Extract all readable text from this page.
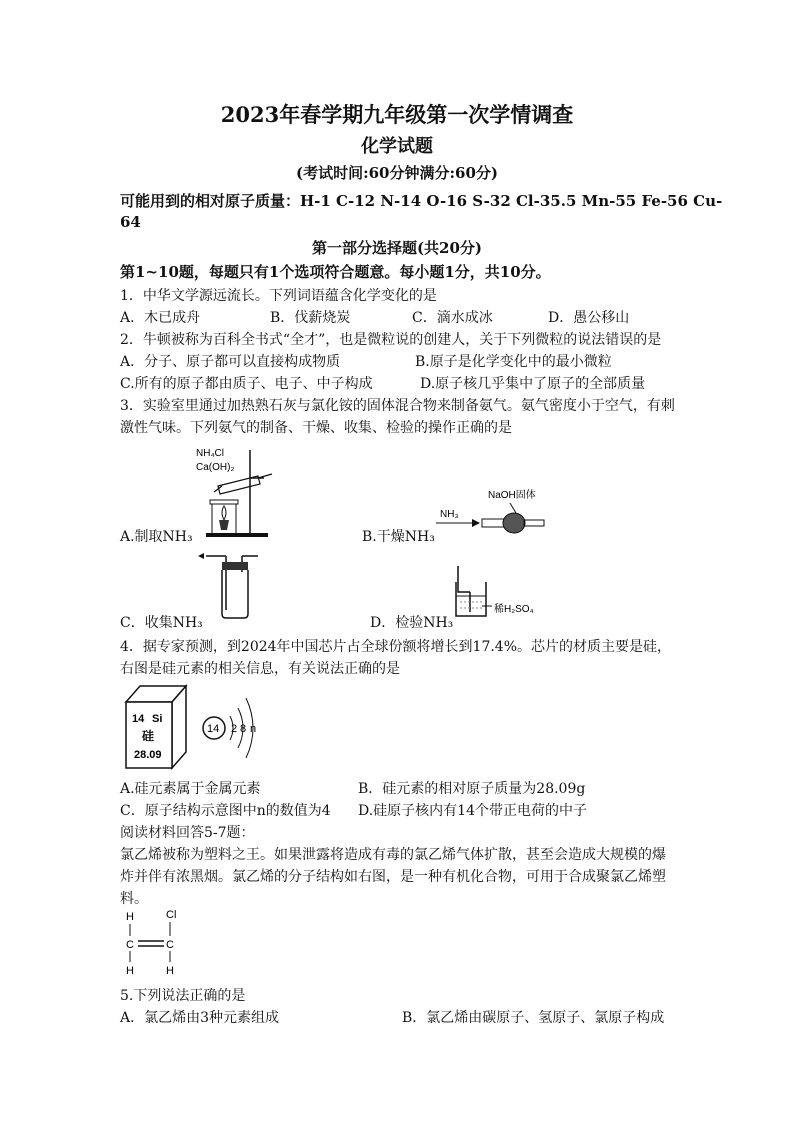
2023年春学期九年级第一次学情调查
化学试题
(考试时间:60分钟满分:60分)
可能用到的相对原子质量：H-1 C-12 N-14 O-16 S-32 Cl-35.5 Mn-55 Fe-56 Cu-
64
第一部分选择题(共20分)
第1~10题，每题只有1个选项符合题意。每小题1分，共10分。
1．中华文学源远流长。下列词语蕴含化学变化的是
A．木已成舟	B．伐薪烧炭	C．滴水成冰	D．愚公移山
2．牛顿被称为百科全书式“全才”，也是微粒说的创建人，关于下列微粒的说法错误的是
A．分子、原子都可以直接构成物质	B.原子是化学变化中的最小微粒
C.所有的原子都由质子、电子、中子构成	D.原子核几乎集中了原子的全部质量
3．实验室里通过加热熟石灰与氯化铵的固体混合物来制备氨气。氨气密度小于空气，有刺
激性气味。下列氨气的制备、干燥、收集、检验的操作正确的是
NH₄Cl
Ca(OH)₂
A.制取NH₃
NH₃
NaOH固体
B.干燥NH₃
C．收集NH₃
稀H₂SO₄
D．检验NH₃
4．据专家预测，到2024年中国芯片占全球份额将增长到17.4%。芯片的材质主要是硅，
右图是硅元素的相关信息，有关说法正确的是
14 Si
硅
28.09
14 2 8 n
A.硅元素属于金属元素	B．硅元素的相对原子质量为28.09g
C．原子结构示意图中n的数值为4 D.硅原子核内有14个带正电荷的中子
阅读材料回答5-7题：
氯乙烯被称为塑料之王。如果泄露将造成有毒的氯乙烯气体扩散，甚至会造成大规模的爆
炸并伴有浓黑烟。氯乙烯的分子结构如右图，是一种有机化合物，可用于合成聚氯乙烯塑
料。
H	Cl
C	C
H	H
5.下列说法正确的是
A．氯乙烯由3种元素组成	B．氯乙烯由碳原子、氢原子、氯原子构成
